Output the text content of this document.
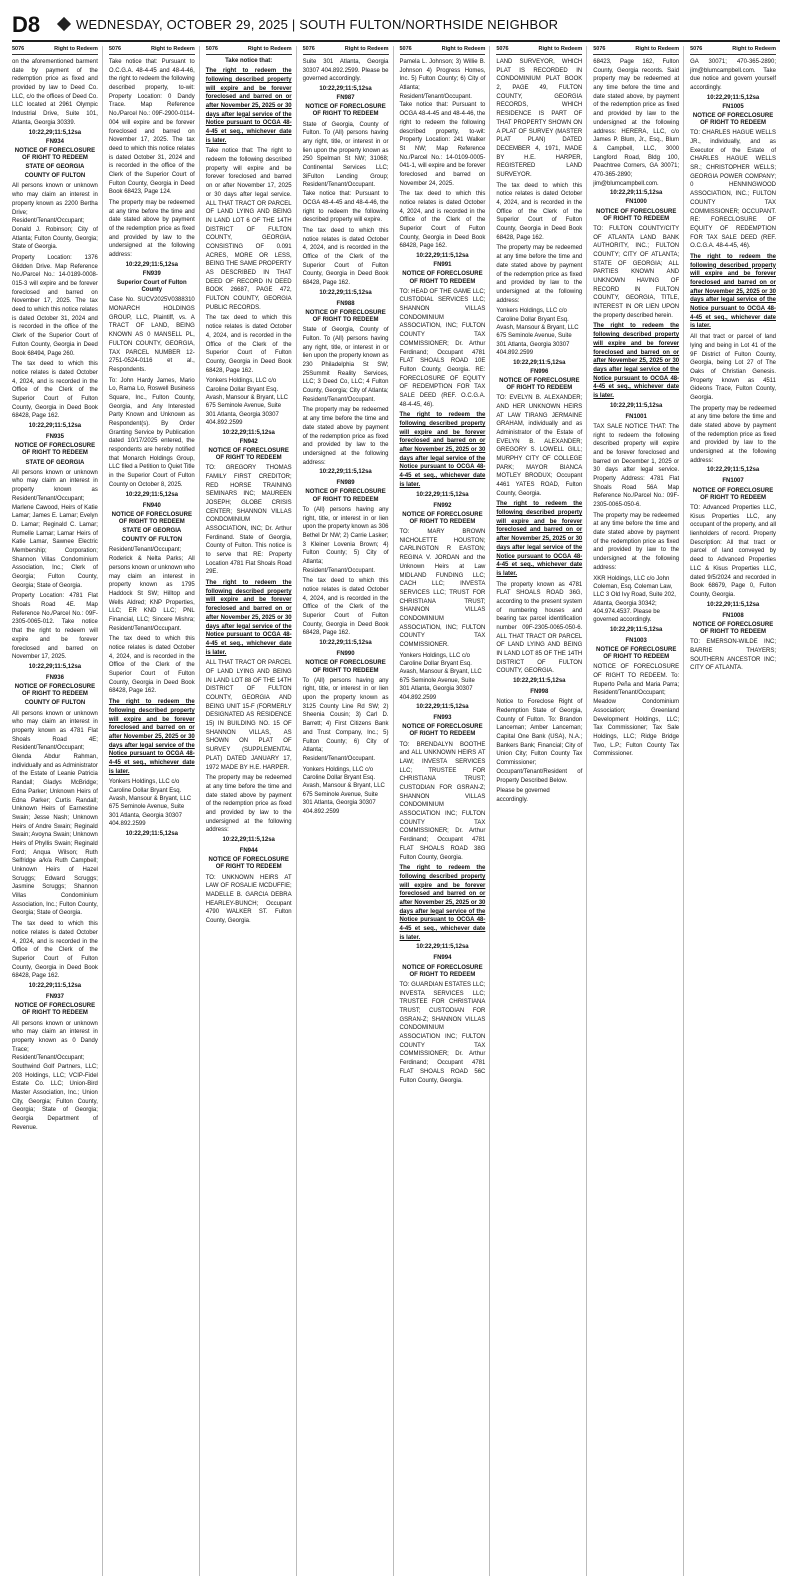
D8	WEDNESDAY, OCTOBER 29, 2025 | SOUTH FULTON/NORTHSIDE NEIGHBOR
5076	Right to Redeem

on the aforementioned barment date by payment of the redemption price as fixed and provided by law to Deed Co. LLC, c/o the offices of Deed Co. LLC located at 2961 Olympic Industrial Drive, Suite 101, Atlanta, Georgia 30339.

10:22,29;11:5,12sa
FN934
NOTICE OF FORECLOSURE OF RIGHT TO REDEEM
STATE OF GEORGIA
COUNTY OF FULTON

All persons known or unknown who may claim an interest in property known as 2200 Bertha Drive; Resident/Tenant/Occupant; Donald J. Robinson; City of Atlanta; Fulton County, Georgia; State of Georgia.

Property Location: 1376 Glidden Drive. Map Reference No./Parcel No.: 14-0189-0008-015-3 will expire and be forever foreclosed and barred on November 17, 2025. The tax deed to which this notice relates is dated October 31, 2024 and is recorded in the office of the Clerk of the Superior Court of Fulton County, Georgia in Deed Book 68494, Page 260.

The tax deed to which this notice relates is dated October 4, 2024, and is recorded in the Office of the Clerk of the Superior Court of Fulton County, Georgia in Deed Book 68428, Page 162.

10:22,29;11:5,12sa
FN935
NOTICE OF FORECLOSURE OF RIGHT TO REDEEM
STATE OF GEORGIA

All persons known or unknown who may claim an interest in property known as Resident/Tenant/Occupant; Marlene Cawood, Heirs of Katie Lamar; James E. Lamar; Evelyn D. Lamar; Reginald C. Lamar; Rumelle Lamar; Lamar Heirs of Katie Lamar, Sawnee Electric Membership; Corporation; Shannon Villas Condominium Association, Inc.; Clerk of Georgia; Fulton County, Georgia; State of Georgia.

Property Location: 4781 Flat Shoals Road 4E. Map Reference No./Parcel No.: 09F-2305-0065-012. Take notice that the right to redeem will expire and be forever foreclosed and barred on November 17, 2025.

10:22,29;11:5,12sa
FN936
NOTICE OF FORECLOSURE OF RIGHT TO REDEEM
COUNTY OF FULTON

All persons known or unknown who may claim an interest in property known as 4781 Flat Shoals Road 4E; Resident/Tenant/Occupant; Glenda Abdur Rahman, individually and as Administrator of the Estate of Leanie Patricia Randall; Gladys McBridge; Edna Parker; Unknown Heirs of Edna Parker; Curtis Randall; Unknown Heirs of Earnestine Swain; Jesse Nash; Unknown Heirs of Andre Swain; Reginald Swain; Avoyna Swain; Unknown Heirs of Phyllis Swain; Reginald Ford; Anqua Wilson; Ruth Selfridge a/k/a Ruth Campbell; Unknown Heirs of Hazel Scruggs; Edward Scruggs; Jasmine Scruggs; Shannon Villas Condominium Association, Inc.; Fulton County, Georgia; State of Georgia.

The tax deed to which this notice relates is dated October 4, 2024, and is recorded in the Office of the Clerk of the Superior Court of Fulton County, Georgia in Deed Book 68428, Page 162.

10:22,29;11:5,12sa
FN937
NOTICE OF FORECLOSURE OF RIGHT TO REDEEM

All persons known or unknown who may claim an interest in property known as 0 Dandy Trace; Resident/Tenant/Occupant; Southwind Golf Partners, LLC; 203 Holdings, LLC; VCIP-Fidel Estate Co. LLC; Union-Bird Master Association, Inc.; Union City, Georgia; Fulton County, Georgia; State of Georgia; Georgia Department of Revenue.

5076	Right to Redeem

Take notice that: Pursuant to O.C.G.A. 48-4-45 and 48-4-46, the right to redeem the following described property, to-wit: Property Location: 0 Dandy Trace. Map Reference No./Parcel No.: 09F-2900-0114-004 will expire and be forever foreclosed and barred on November 17, 2025. The tax deed to which this notice relates is dated October 31, 2024 and is recorded in the office of the Clerk of the Superior Court of Fulton County, Georgia in Deed Book 68423, Page 124.

The property may be redeemed at any time before the time and date stated above by payment of the redemption price as fixed and provided by law to the undersigned at the following address:

10:22,29;11:5,12sa
FN939
Superior Court of Fulton County

Case No. SUCV2025V0388310 MONARCH HOLDINGS GROUP, LLC, Plaintiff, vs. A TRACT OF LAND, BEING KNOWN AS 0 MANSELL PL, FULTON COUNTY, GEORGIA, TAX PARCEL NUMBER 12-2751-0524-0116 et al., Respondents.

To: John Hardy James, Mario Lo, Rama Lo, Roswell Business Square, Inc., Fulton County, Georgia, and Any Interested Party Known and Unknown as Respondent(s). By Order Granting Service by Publication dated 10/17/2025 entered, the respondents are hereby notified that Monarch Holdings Group, LLC filed a Petition to Quiet Title in the Superior Court of Fulton County on October 8, 2025.

10:22,29;11:5,12sa
FN940
NOTICE OF FORECLOSURE OF RIGHT TO REDEEM
STATE OF GEORGIA
COUNTY OF FULTON

Resident/Tenant/Occupant; Roderick & Nelta Parks; All persons known or unknown who may claim an interest in property known as 1795 Haddock St SW; Hilltop and Wells Aldred; KNP Properties, LLC; ER KND LLC; PNL Financial, LLC; Sincere Mishra; Resident/Tenant/Occupant.

The tax deed to which this notice relates is dated October 4, 2024, and is recorded in the Office of the Clerk of the Superior Court of Fulton County, Georgia in Deed Book 68428, Page 162.

The right to redeem the following described property will expire and be forever foreclosed and barred on or after November 25, 2025 or 30 days after legal service of the Notice pursuant to OCGA 48-4-45 et seq., whichever date is later.

Yonkers Holdings, LLC c/o Caroline Dollar Bryant Esq. Avash, Mansour & Bryant, LLC 675 Seminole Avenue, Suite 301 Atlanta, Georgia 30307 404.892.2599

10:22,29;11:5,12sa
5076	Right to Redeem
Take notice that:

The right to redeem the following described property will expire and be forever foreclosed and barred on or after November 25, 2025 or 30 days after legal service of the Notice pursuant to OCGA 48-4-45 et seq., whichever date is later.

Take notice that: The right to redeem the following described property will expire and be forever foreclosed and barred on or after November 17, 2025 or 30 days after legal service. ALL THAT TRACT OR PARCEL OF LAND LYING AND BEING IN LAND LOT 6 OF THE 14TH DISTRICT OF FULTON COUNTY, GEORGIA, CONSISTING OF 0.091 ACRES, MORE OR LESS, BEING THE SAME PROPERTY AS DESCRIBED IN THAT DEED OF RECORD IN DEED BOOK 26687, PAGE 472, FULTON COUNTY, GEORGIA PUBLIC RECORDS.

The tax deed to which this notice relates is dated October 4, 2024, and is recorded in the Office of the Clerk of the Superior Court of Fulton County, Georgia in Deed Book 68428, Page 162.

Yonkers Holdings, LLC c/o Caroline Dollar Bryant Esq. Avash, Mansour & Bryant, LLC 675 Seminole Avenue, Suite 301 Atlanta, Georgia 30307 404.892.2599

10:22,29;11:5,12sa
FN942
NOTICE OF FORECLOSURE OF RIGHT TO REDEEM

TO: GREGORY THOMAS FAMILY FIRST CREDITOR; RED HORSE TRAINING SEMINARS INC; MAUREEN JOSEPH; GLOBE CRISIS CENTER; SHANNON VILLAS CONDOMINIUM ASSOCIATION, INC; Dr. Arthur Ferdinand. State of Georgia, County of Fulton. This notice is to serve that RE: Property Location 4781 Flat Shoals Road 29E.

The right to redeem the following described property will expire and be forever foreclosed and barred on or after November 25, 2025 or 30 days after legal service of the Notice pursuant to OCGA 48-4-45 et seq., whichever date is later.

ALL THAT TRACT OR PARCEL OF LAND LYING AND BEING IN LAND LOT 88 OF THE 14TH DISTRICT OF FULTON COUNTY, GEORGIA AND BEING UNIT 15-F (FORMERLY DESIGNATED AS RESIDENCE 15) IN BUILDING NO. 15 OF SHANNON VILLAS, AS SHOWN ON PLAT OF SURVEY (SUPPLEMENTAL PLAT) DATED JANUARY 17, 1972 MADE BY H.E. HARPER.

The property may be redeemed at any time before the time and date stated above by payment of the redemption price as fixed and provided by law to the undersigned at the following address:

10:22,29;11:5,12sa
FN944
NOTICE OF FORECLOSURE OF RIGHT TO REDEEM

TO: UNKNOWN HEIRS AT LAW OF ROSALIE MCDUFFIE; MADELLE B. GARCIA DEBRA HEARLEY-BUNCH; Occupant 4790 WALKER ST. Fulton County, Georgia.

5076	Right to Redeem

Suite 301 Atlanta, Georgia 30307 404.892.2599. Please be governed accordingly.

10:22,29;11:5,12sa
FN987
NOTICE OF FORECLOSURE OF RIGHT TO REDEEM

State of Georgia, County of Fulton. To (All) persons having any right, title, or interest in or lien upon the property known as 250 Spelman St NW; 31068; Continental Services LLC; 3iFulton Lending Group; Resident/Tenant/Occupant. Take notice that: Pursuant to OCGA 48-4-45 and 48-4-46, the right to redeem the following described property will expire.

The tax deed to which this notice relates is dated October 4, 2024, and is recorded in the Office of the Clerk of the Superior Court of Fulton County, Georgia in Deed Book 68428, Page 162.

10:22,29;11:5,12sa
FN988
NOTICE OF FORECLOSURE OF RIGHT TO REDEEM

State of Georgia, County of Fulton. To (All) persons having any right, title, or interest in or lien upon the property known as 230 Philadelphia St SW; 25Summit Reality Services, LLC; 3 Deed Co, LLC; 4 Fulton County, Georgia; City of Atlanta; Resident/Tenant/Occupant.

The property may be redeemed at any time before the time and date stated above by payment of the redemption price as fixed and provided by law to the undersigned at the following address:

10:22,29;11:5,12sa
FN989
NOTICE OF FORECLOSURE OF RIGHT TO REDEEM

To (All) persons having any right, title, or interest in or lien upon the property known as 306 Bethel Dr NW; 2) Carrie Lasker; 3 Kleiner Lovenia Brown; 4) Fulton County; 5) City of Atlanta; Resident/Tenant/Occupant.

The tax deed to which this notice relates is dated October 4, 2024, and is recorded in the Office of the Clerk of the Superior Court of Fulton County, Georgia in Deed Book 68428, Page 162.

10:22,29;11:5,12sa
FN990
NOTICE OF FORECLOSURE OF RIGHT TO REDEEM

To (All) persons having any right, title, or interest in or lien upon the property known as 3125 County Line Rd SW; 2) Sheenia Cousin; 3) Carl D. Barrett; 4) First Citizens Bank and Trust Company, Inc.; 5) Fulton County; 6) City of Atlanta; Resident/Tenant/Occupant.

Yonkers Holdings, LLC c/o Caroline Dollar Bryant Esq. Avash, Mansour & Bryant, LLC 675 Seminole Avenue, Suite 301 Atlanta, Georgia 30307 404.892.2599

5076	Right to Redeem

Pamela L. Johnson; 3) Willie B. Johnson 4) Progress Homes, Inc. 5) Fulton County; 6) City of Atlanta; Resident/Tenant/Occupant. Take notice that: Pursuant to OCGA 48-4-45 and 48-4-46, the right to redeem the following described property, to-wit: Property Location: 241 Walker St NW; Map Reference No./Parcel No.: 14-0109-0005-041-1, will expire and be forever foreclosed and barred on November 24, 2025.

The tax deed to which this notice relates is dated October 4, 2024, and is recorded in the Office of the Clerk of the Superior Court of Fulton County, Georgia in Deed Book 68428, Page 162.

10:22,29;11:5,12sa
FN991
NOTICE OF FORECLOSURE OF RIGHT TO REDEEM

TO: HEAD OF THE GAME LLC; CUSTODIAL SERVICES LLC; SHANNON VILLAS CONDOMINIUM ASSOCIATION, INC; FULTON COUNTY TAX COMMISSIONER; Dr. Arthur Ferdinand; Occupant 4781 FLAT SHOALS ROAD 10E Fulton County, Georgia. RE: FORECLOSURE OF EQUITY OF REDEMPTION FOR TAX SALE DEED (REF. O.C.G.A. 48-4-45, 46).

The right to redeem the following described property will expire and be forever foreclosed and barred on or after November 25, 2025 or 30 days after legal service of the Notice pursuant to OCGA 48-4-45 et seq., whichever date is later.

10:22,29;11:5,12sa
FN992
NOTICE OF FORECLOSURE OF RIGHT TO REDEEM

TO: MARY BROWN NICHOLETTE HOUSTON; CARLINGTON R EASTON; REGINA V. JORDAN and the Unknown Heirs at Law MIDLAND FUNDING LLC; CACH LLC; INVESTA SERVICES LLC; TRUST FOR CHRISTIANA TRUST; SHANNON VILLAS CONDOMINIUM ASSOCIATION, INC; FULTON COUNTY TAX COMMISSIONER.

Yonkers Holdings, LLC c/o Caroline Dollar Bryant Esq. Avash, Mansour & Bryant, LLC 675 Seminole Avenue, Suite 301 Atlanta, Georgia 30307 404.892.2599

10:22,29;11:5,12sa
FN993
NOTICE OF FORECLOSURE OF RIGHT TO REDEEM

TO: BRENDALYN BOOTHE and ALL UNKNOWN HEIRS AT LAW; INVESTA SERVICES LLC; TRUSTEE FOR CHRISTIANA TRUST; CUSTODIAN FOR GSRAN-Z; SHANNON VILLAS CONDOMINIUM ASSOCIATION INC; FULTON COUNTY TAX COMMISSIONER; Dr. Arthur Ferdinand; Occupant 4781 FLAT SHOALS ROAD 38G Fulton County, Georgia.

The right to redeem the following described property will expire and be forever foreclosed and barred on or after November 25, 2025 or 30 days after legal service of the Notice pursuant to OCGA 48-4-45 et seq., whichever date is later.

10:22,29;11:5,12sa
FN994
NOTICE OF FORECLOSURE OF RIGHT TO REDEEM

TO: GUARDIAN ESTATES LLC; INVESTA SERVICES LLC; TRUSTEE FOR CHRISTIANA TRUST; CUSTODIAN FOR GSRAN-Z; SHANNON VILLAS CONDOMINIUM ASSOCIATION INC; FULTON COUNTY TAX COMMISSIONER; Dr. Arthur Ferdinand; Occupant 4781 FLAT SHOALS ROAD 56C Fulton County, Georgia.

5076	Right to Redeem

LAND SURVEYOR, WHICH PLAT IS RECORDED IN CONDOMINIUM PLAT BOOK 2, PAGE 49, FULTON COUNTY, GEORGIA RECORDS, WHICH RESIDENCE IS PART OF THAT PROPERTY SHOWN ON A PLAT OF SURVEY (MASTER PLAT PLAN) DATED DECEMBER 4, 1971, MADE BY H.E. HARPER, REGISTERED LAND SURVEYOR.

The tax deed to which this notice relates is dated October 4, 2024, and is recorded in the Office of the Clerk of the Superior Court of Fulton County, Georgia in Deed Book 68428, Page 162.

The property may be redeemed at any time before the time and date stated above by payment of the redemption price as fixed and provided by law to the undersigned at the following address:

Yonkers Holdings, LLC c/o Caroline Dollar Bryant Esq. Avash, Mansour & Bryant, LLC 675 Seminole Avenue, Suite 301 Atlanta, Georgia 30307 404.892.2599

10:22,29;11:5,12sa
FN996
NOTICE OF FORECLOSURE OF RIGHT TO REDEEM

TO: EVELYN B. ALEXANDER; AND HER UNKNOWN HEIRS AT LAW TIRANG JERMAINE GRAHAM, individually and as Administrator of the Estate of EVELYN B. ALEXANDER; GREGORY S. LOWELL GILL; MURPHY CITY OF COLLEGE PARK; MAYOR BIANCA MOTLEY BRODUX; Occupant 4461 YATES ROAD, Fulton County, Georgia.

The right to redeem the following described property will expire and be forever foreclosed and barred on or after November 25, 2025 or 30 days after legal service of the Notice pursuant to OCGA 48-4-45 et seq., whichever date is later.

The property known as 4781 FLAT SHOALS ROAD 36G, according to the present system of numbering houses and bearing tax parcel identification number 09F-2305-0065-050-6. ALL THAT TRACT OR PARCEL OF LAND LYING AND BEING IN LAND LOT 85 OF THE 14TH DISTRICT OF FULTON COUNTY, GEORGIA.

10:22,29;11:5,12sa
FN998

Notice to Foreclose Right of Redemption State of Georgia, County of Fulton. To: Brandon Lanceman; Amber Lanceman; Capital One Bank (USA), N.A.; Bankers Bank; Financial; City of Union City; Fulton County Tax Commissioner; Occupant/Tenant/Resident of Property Described Below.

Please be governed accordingly.

5076	Right to Redeem

68423, Page 162, Fulton County, Georgia records. Said property may be redeemed at any time before the time and date stated above, by payment of the redemption price as fixed and provided by law to the undersigned at the following address: HERERA, LLC, c/o James P. Blum, Jr., Esq., Blum & Campbell, LLC, 3000 Langford Road, Bldg 100, Peachtree Corners, GA 30071; 470-365-2890; jim@blumcampbell.com.

10:22,29;11:5,12sa
FN1000
NOTICE OF FORECLOSURE OF RIGHT TO REDEEM

TO: FULTON COUNTY/CITY OF ATLANTA LAND BANK AUTHORITY, INC.; FULTON COUNTY; CITY OF ATLANTA; STATE OF GEORGIA; ALL PARTIES KNOWN AND UNKNOWN HAVING OF RECORD IN FULTON COUNTY, GEORGIA, TITLE, INTEREST IN OR LIEN UPON the property described herein.

The right to redeem the following described property will expire and be forever foreclosed and barred on or after November 25, 2025 or 30 days after legal service of the Notice pursuant to OCGA 48-4-45 et seq., whichever date is later.

10:22,29;11:5,12sa
FN1001

TAX SALE NOTICE THAT: The right to redeem the following described property will expire and be forever foreclosed and barred on December 1, 2025 or 30 days after legal service. Property Address: 4781 Flat Shoals Road 56A Map Reference No./Parcel No.: 09F-2305-0065-050-6.

The property may be redeemed at any time before the time and date stated above by payment of the redemption price as fixed and provided by law to the undersigned at the following address:

XKR Holdings, LLC c/o John Coleman, Esq. Coleman Law, LLC 3 Old Ivy Road, Suite 202, Atlanta, Georgia 30342; 404.974.4537. Please be governed accordingly.

10:22,29;11:5,12sa
FN1003
NOTICE OF FORECLOSURE OF RIGHT TO REDEEM

NOTICE OF FORECLOSURE OF RIGHT TO REDEEM. To: Ruperto Peña and Maria Parra; Resident/Tenant/Occupant; Meadow Condominium Association; Greenland Development Holdings, LLC; Tax Commissioner; Tax Sale Holdings, LLC; Ridge Bridge Two, L.P.; Fulton County Tax Commissioner.

5076	Right to Redeem

GA 30071; 470-365-2890; jim@blumcampbell.com. Take due notice and govern yourself accordingly.

10:22,29;11:5,12sa
FN1005
NOTICE OF FORECLOSURE OF RIGHT TO REDEEM

TO: CHARLES HAGUE WELLS JR., individually, and as Executor of the Estate of CHARLES HAGUE WELLS SR.; CHRISTOPHER WELLS; GEORGIA POWER COMPANY; 0 HENNINGWOOD ASSOCIATION, INC.; FULTON COUNTY TAX COMMISSIONER; OCCUPANT. RE: FORECLOSURE OF EQUITY OF REDEMPTION FOR TAX SALE DEED (REF. O.C.G.A. 48-4-45, 46).

The right to redeem the following described property will expire and be forever foreclosed and barred on or after November 25, 2025 or 30 days after legal service of the Notice pursuant to OCGA 48-4-45 et seq., whichever date is later.

All that tract or parcel of land lying and being in Lot 41 of the 9F District of Fulton County, Georgia, being Lot 27 of The Oaks of Christian Genesis. Property known as 4511 Gideons Trace, Fulton County, Georgia.

The property may be redeemed at any time before the time and date stated above by payment of the redemption price as fixed and provided by law to the undersigned at the following address:

10:22,29;11:5,12sa
FN1007
NOTICE OF FORECLOSURE OF RIGHT TO REDEEM

TO: Advanced Properties LLC, Kisus Properties LLC, any occupant of the property, and all lienholders of record. Property Description: All that tract or parcel of land conveyed by deed to Advanced Properties LLC & Kisus Properties LLC, dated 9/5/2024 and recorded in Book 68679, Page 0, Fulton County, Georgia.

10:22,29;11:5,12sa
FN1008
NOTICE OF FORECLOSURE OF RIGHT TO REDEEM

TO: EMERSON-WILDE INC; BARRIE THAYERS; SOUTHERN ANCESTOR INC; CITY OF ATLANTA.
